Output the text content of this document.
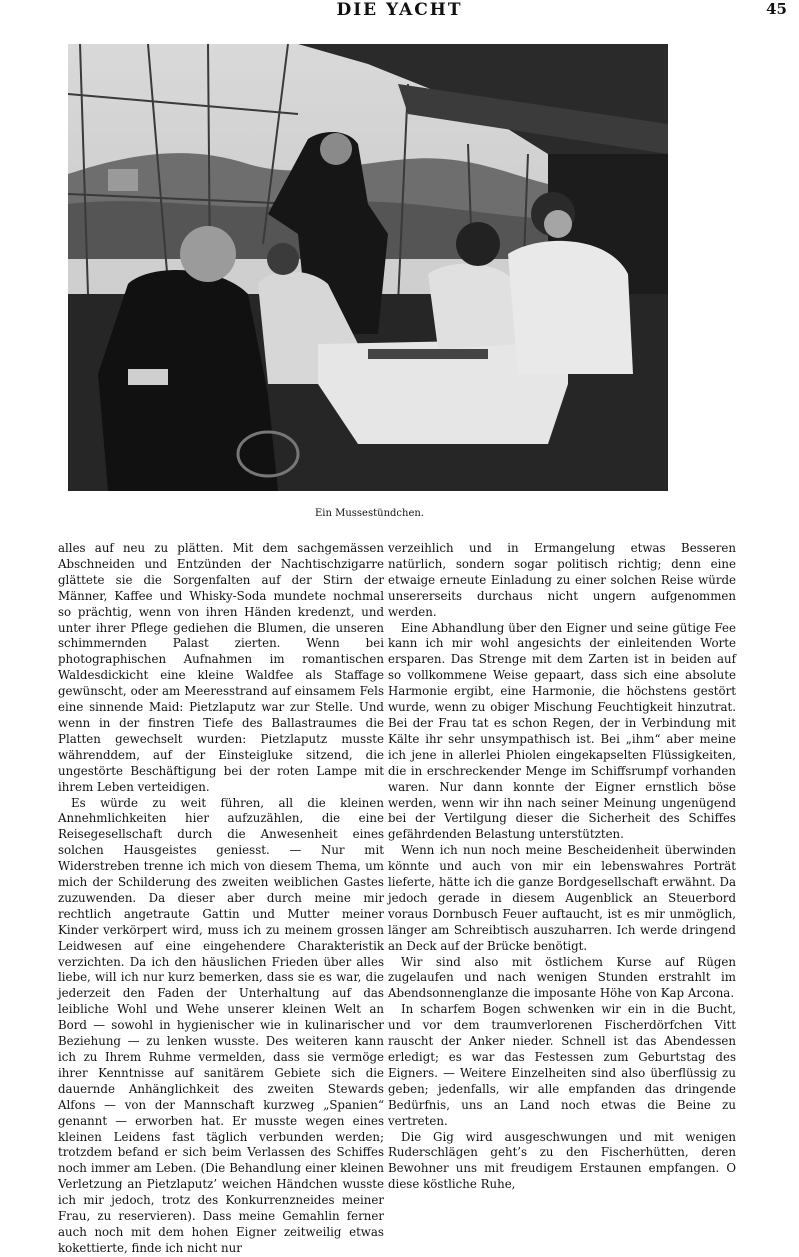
DIE YACHT	45
Ein Mussestündchen.

alles auf neu zu plätten. Mit dem sachgemässen Abschneiden und Entzünden der Nachtischzigarre glättete sie die Sorgenfalten auf der Stirn der Männer, Kaffee und Whisky-Soda mundete nochmal so prächtig, wenn von ihren Händen kredenzt, und unter ihrer Pflege gediehen die Blumen, die unseren schimmernden Palast zierten. Wenn bei photographischen Aufnahmen im romantischen Waldesdickicht eine kleine Waldfee als Staffage gewünscht, oder am Meeresstrand auf einsamem Fels eine sinnende Maid: Pietzlaputz war zur Stelle. Und wenn in der finstren Tiefe des Ballastraumes die Platten gewechselt wurden: Pietzlaputz musste währenddem, auf der Einsteigluke sitzend, die ungestörte Beschäftigung bei der roten Lampe mit ihrem Leben verteidigen.

Es würde zu weit führen, all die kleinen Annehmlichkeiten hier aufzuzählen, die eine Reisegesellschaft durch die Anwesenheit eines solchen Hausgeistes geniesst. — Nur mit Widerstreben trenne ich mich von diesem Thema, um mich der Schilderung des zweiten weiblichen Gastes zuzuwenden. Da dieser aber durch meine mir rechtlich angetraute Gattin und Mutter meiner Kinder verkörpert wird, muss ich zu meinem grossen Leidwesen auf eine eingehendere Charakteristik verzichten. Da ich den häuslichen Frieden über alles liebe, will ich nur kurz bemerken, dass sie es war, die jederzeit den Faden der Unterhaltung auf das leibliche Wohl und Wehe unserer kleinen Welt an Bord — sowohl in hygienischer wie in kulinarischer Beziehung — zu lenken wusste. Des weiteren kann ich zu Ihrem Ruhme vermelden, dass sie vermöge ihrer Kenntnisse auf sanitärem Gebiete sich die dauernde Anhänglichkeit des zweiten Stewards Alfons — von der Mannschaft kurzweg „Spanien“ genannt — erworben hat. Er musste wegen eines kleinen Leidens fast täglich verbunden werden; trotzdem befand er sich beim Verlassen des Schiffes noch immer am Leben. (Die Behandlung einer kleinen Verletzung an Pietzlaputz’ weichen Händchen wusste ich mir jedoch, trotz des Konkurrenzneides meiner Frau, zu reservieren). Dass meine Gemahlin ferner auch noch mit dem hohen Eigner zeitweilig etwas kokettierte, finde ich nicht nur

verzeihlich und in Ermangelung etwas Besseren natürlich, sondern sogar politisch richtig; denn eine etwaige erneute Einladung zu einer solchen Reise würde unsererseits durchaus nicht ungern aufgenommen werden.

Eine Abhandlung über den Eigner und seine gütige Fee kann ich mir wohl angesichts der einleitenden Worte ersparen. Das Strenge mit dem Zarten ist in beiden auf so vollkommene Weise gepaart, dass sich eine absolute Harmonie ergibt, eine Harmonie, die höchstens gestört wurde, wenn zu obiger Mischung Feuchtigkeit hinzutrat. Bei der Frau tat es schon Regen, der in Verbindung mit Kälte ihr sehr unsympathisch ist. Bei „ihm“ aber meine ich jene in allerlei Phiolen eingekapselten Flüssigkeiten, die in erschreckender Menge im Schiffsrumpf vorhanden waren. Nur dann konnte der Eigner ernstlich böse werden, wenn wir ihn nach seiner Meinung ungenügend bei der Vertilgung dieser die Sicherheit des Schiffes gefährdenden Belastung unterstützten.

Wenn ich nun noch meine Bescheidenheit überwinden könnte und auch von mir ein lebenswahres Porträt lieferte, hätte ich die ganze Bordgesellschaft erwähnt. Da jedoch gerade in diesem Augenblick an Steuerbord voraus Dornbusch Feuer auftaucht, ist es mir unmöglich, länger am Schreibtisch auszuharren. Ich werde dringend an Deck auf der Brücke benötigt.

Wir sind also mit östlichem Kurse auf Rügen zugelaufen und nach wenigen Stunden erstrahlt im Abendsonnenglanze die imposante Höhe von Kap Arcona.

In scharfem Bogen schwenken wir ein in die Bucht, und vor dem traumverlorenen Fischerdörfchen Vitt rauscht der Anker nieder. Schnell ist das Abendessen erledigt; es war das Festessen zum Geburtstag des Eigners. — Weitere Einzelheiten sind also überflüssig zu geben; jedenfalls, wir alle empfanden das dringende Bedürfnis, uns an Land noch etwas die Beine zu vertreten.

Die Gig wird ausgeschwungen und mit wenigen Ruderschlägen geht’s zu den Fischerhütten, deren Bewohner uns mit freudigem Erstaunen empfangen. O diese köstliche Ruhe,
